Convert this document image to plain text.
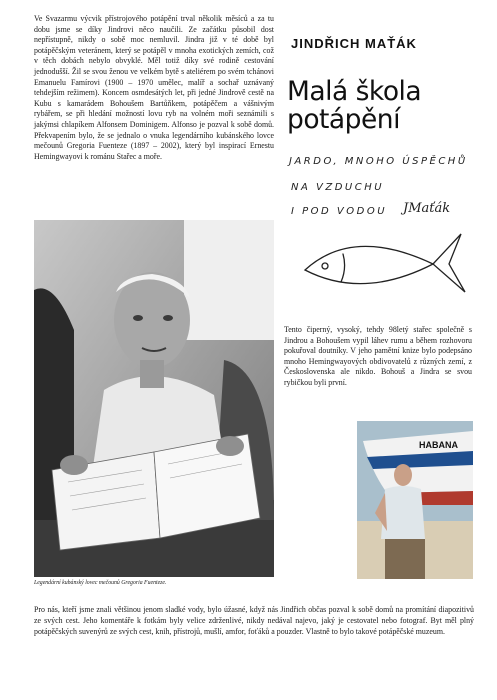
Ve Svazarmu výcvik přístrojového potápění trval několik měsíců a za tu dobu jsme se díky Jindrovi něco naučili. Ze začátku působil dost nepřístupně, nikdy o sobě moc nemluvil. Jindra již v té době byl potápěčským veteránem, který se potápěl v mnoha exotických zemích, což v těch dobách nebylo obvyklé. Měl totiž díky své rodině cestování jednodušší. Žil se svou ženou ve velkém bytě s ateliérem po svém tchánovi Emanuelu Famírovi (1900 – 1970 umělec, malíř a sochař uznávaný tehdejším režimem). Koncem osmdesátých let, při jedné Jindrově cestě na Kubu s kamarádem Bohoušem Bartůňkem, potápěčem a vášnivým rybářem, se při hledání možností lovu ryb na volném moři seznámili s jakýmsi chlapíkem Alfonsem Dominigem. Alfonso je pozval k sobě domů. Překvapením bylo, že se jednalo o vnuka legendárního kubánského lovce mečounů Gregoria Fuenteze (1897 – 2002), který byl inspirací Ernestu Hemingwayovi k románu Stařec a moře.
JINDŘICH MAŤÁK
Malá škola
potápění
JARDO, MNOHO ÚSPĚCHŮ
NA VZDUCHU
I POD VODOU JMaťák
Legendární kubánský lovec mečounů Gregoria Fuenteze.
Tento čiperný, vysoký, tehdy 98letý stařec společně s Jindrou a Bohoušem vypil láhev rumu a během rozhovoru pokuřoval doutníky. V jeho pamětní knize bylo podepsáno mnoho Hemingwayových obdivovatelů z různých zemí, z Československa ale nikdo. Bohouš a Jindra se svou rybičkou byli první.
HABANA
Pro nás, kteří jsme znali většinou jenom sladké vody, bylo úžasné, když nás Jindřich občas pozval k sobě domů na promítání diapozitivů ze svých cest. Jeho komentáře k fotkám byly velice zdrženlivé, nikdy nedával najevo, jaký je cestovatel nebo fotograf. Byt měl plný potápěčských suvenýrů ze svých cest, knih, přístrojů, mušlí, amfor, foťáků a pouzder. Vlastně to bylo takové potápěčské muzeum.
